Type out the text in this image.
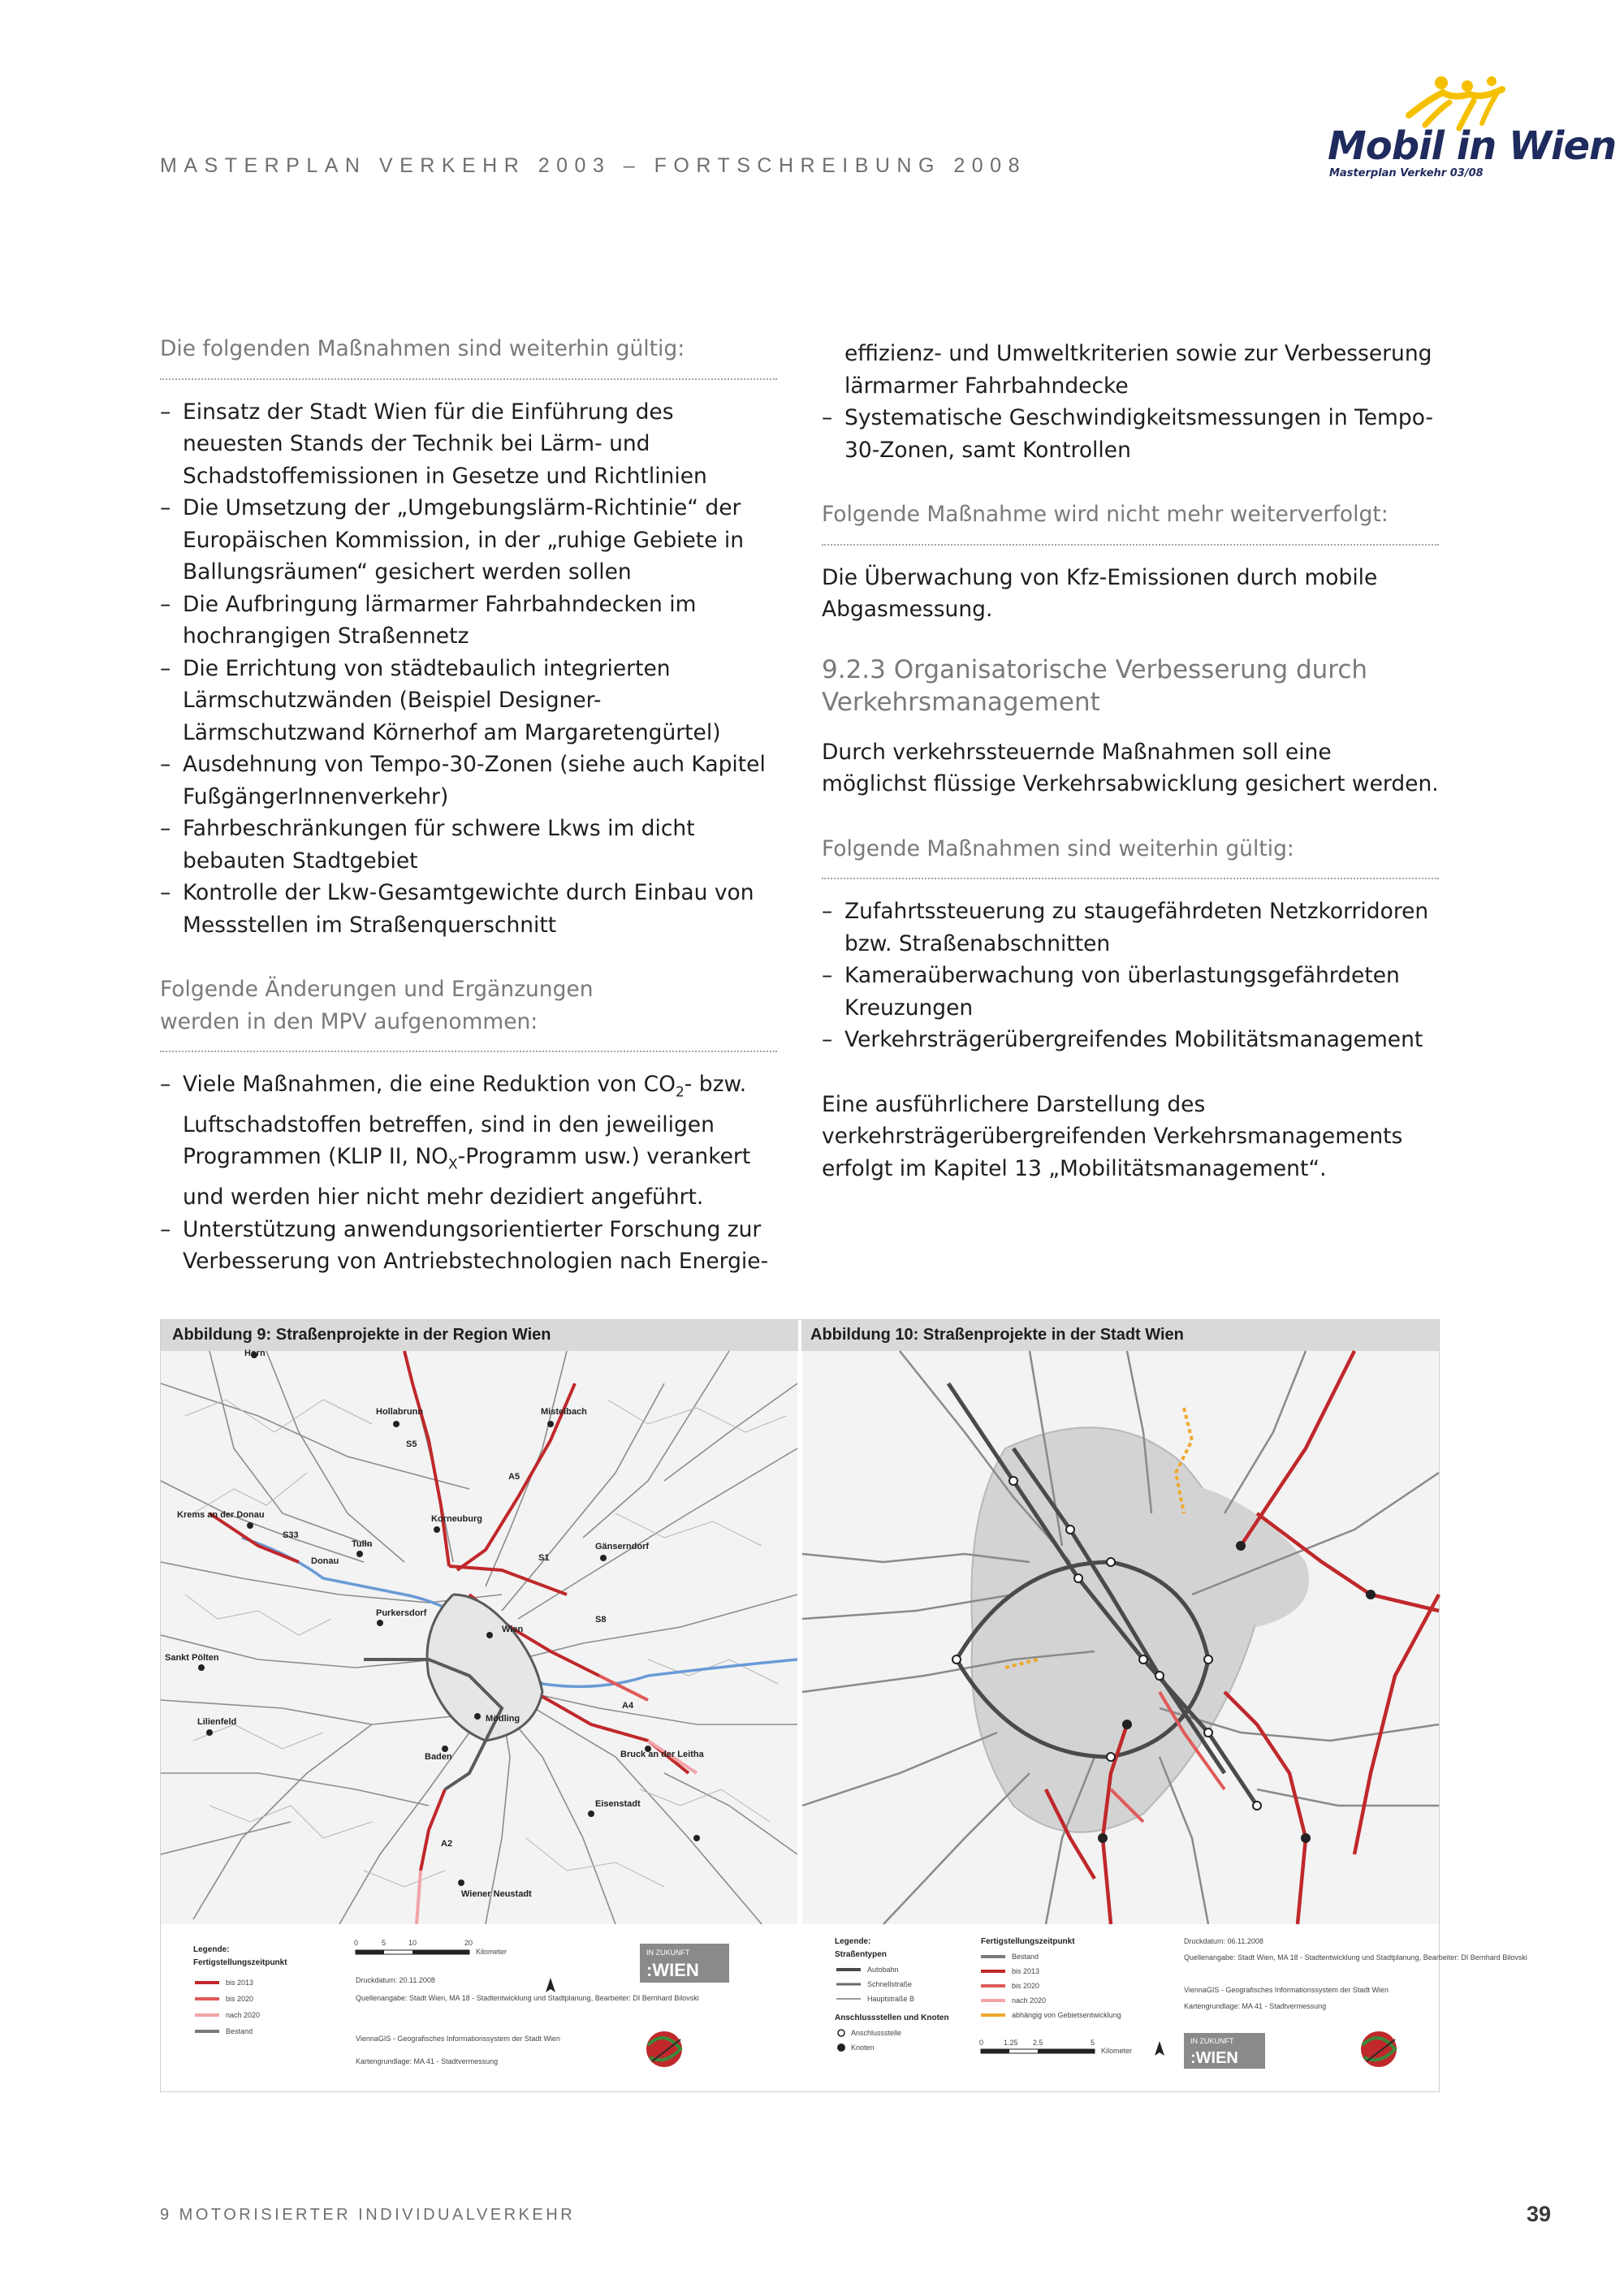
MASTERPLAN VERKEHR 2003 – FORTSCHREIBUNG 2008	Mobil in Wien
Masterplan Verkehr 03/08
Die folgenden Maßnahmen sind weiterhin gültig:
– Einsatz der Stadt Wien für die Einführung des neuesten Stands der Technik bei Lärm- und Schadstoffemissionen in Gesetze und Richtlinien
– Die Umsetzung der „Umgebungslärm-Richtinie“ der Europäischen Kommission, in der „ruhige Gebiete in Ballungsräumen“ gesichert werden sollen
– Die Aufbringung lärmarmer Fahrbahndecken im hochrangigen Straßennetz
– Die Errichtung von städtebaulich integrierten Lärmschutzwänden (Beispiel Designer-Lärmschutzwand Körnerhof am Margaretengürtel)
– Ausdehnung von Tempo-30-Zonen (siehe auch Kapitel FußgängerInnenverkehr)
– Fahrbeschränkungen für schwere Lkws im dicht bebauten Stadtgebiet
– Kontrolle der Lkw-Gesamtgewichte durch Einbau von Messstellen im Straßenquerschnitt
Folgende Änderungen und Ergänzungen
werden in den MPV aufgenommen:
– Viele Maßnahmen, die eine Reduktion von $CO_2-$ bzw. Luftschadstoffen betreffen, sind in den jeweiligen Programmen (KLIP II, $NO_X$-Programm usw.) verankert und werden hier nicht mehr dezidiert angeführt.
– Unterstützung anwendungsorientierter Forschung zur Verbesserung von Antriebstechnologien nach Energie-
effizienz- und Umweltkriterien sowie zur Verbesserung lärmarmer Fahrbahndecke
– Systematische Geschwindigkeitsmessungen in Tempo-30-Zonen, samt Kontrollen
Folgende Maßnahme wird nicht mehr weiterverfolgt:

Die Überwachung von Kfz-Emissionen durch mobile Abgasmessung.

9.2.3 Organisatorische Verbesserung durch Verkehrsmanagement

Durch verkehrssteuernde Maßnahmen soll eine möglichst flüssige Verkehrsabwicklung gesichert werden.

Folgende Maßnahmen sind weiterhin gültig:
– Zufahrtssteuerung zu staugefährdeten Netzkorridoren bzw. Straßenabschnitten
– Kameraüberwachung von überlastungsgefährdeten Kreuzungen
– Verkehrsträgerübergreifendes Mobilitätsmanagement

Eine ausführlichere Darstellung des verkehrsträgerübergreifenden Verkehrsmanagements erfolgt im Kapitel 13 „Mobilitätsmanagement“.

Abbildung 9: Straßenprojekte in der Region Wien	Abbildung 10: Straßenprojekte in der Stadt Wien
Horn
Hollabrunn	Mistelbach
Krems an der Donau	Korneuburg
Tulln	Gänserndorf
Purkersdorf
Wien
Sankt Pölten
Mödling
Lilienfeld
Baden	Bruck an der Leitha
Eisenstadt
Wiener Neustadt
Donau
S5
A5
S1
S8
S33
A4
A2
Legende:
Fertigstellungszeitpunkt
bis 2013
bis 2020
nach 2020
Bestand
0	5	10	20
Kilometer
Druckdatum: 20.11.2008
Quellenangabe: Stadt Wien, MA 18 - Stadtentwicklung und Stadtplanung, Bearbeiter: DI Bernhard Bilovski
ViennaGIS - Geografisches Informationssystem der Stadt Wien
Kartengrundlage: MA 41 - Stadtvermessung
IN ZUKUNFT
:WIEN
Legende:
Straßentypen
Autobahn
Schnellstraße
Hauptstraße B
Anschlussstellen und Knoten
Anschlussstelle
Knoten
Fertigstellungszeitpunkt
Bestand
bis 2013
bis 2020
nach 2020
abhängig von Gebietsentwicklung
0	1.25 2.5	5
Kilometer
Druckdatum: 06.11.2008
Quellenangabe: Stadt Wien, MA 18 - Stadtentwicklung und Stadtplanung, Bearbeiter: DI Bernhard Bilovski
ViennaGIS - Geografisches Informationssystem der Stadt Wien
Kartengrundlage: MA 41 - Stadtvermessung
IN ZUKUNFT
:WIEN
9 MOTORISIERTER INDIVIDUALVERKEHR	39
